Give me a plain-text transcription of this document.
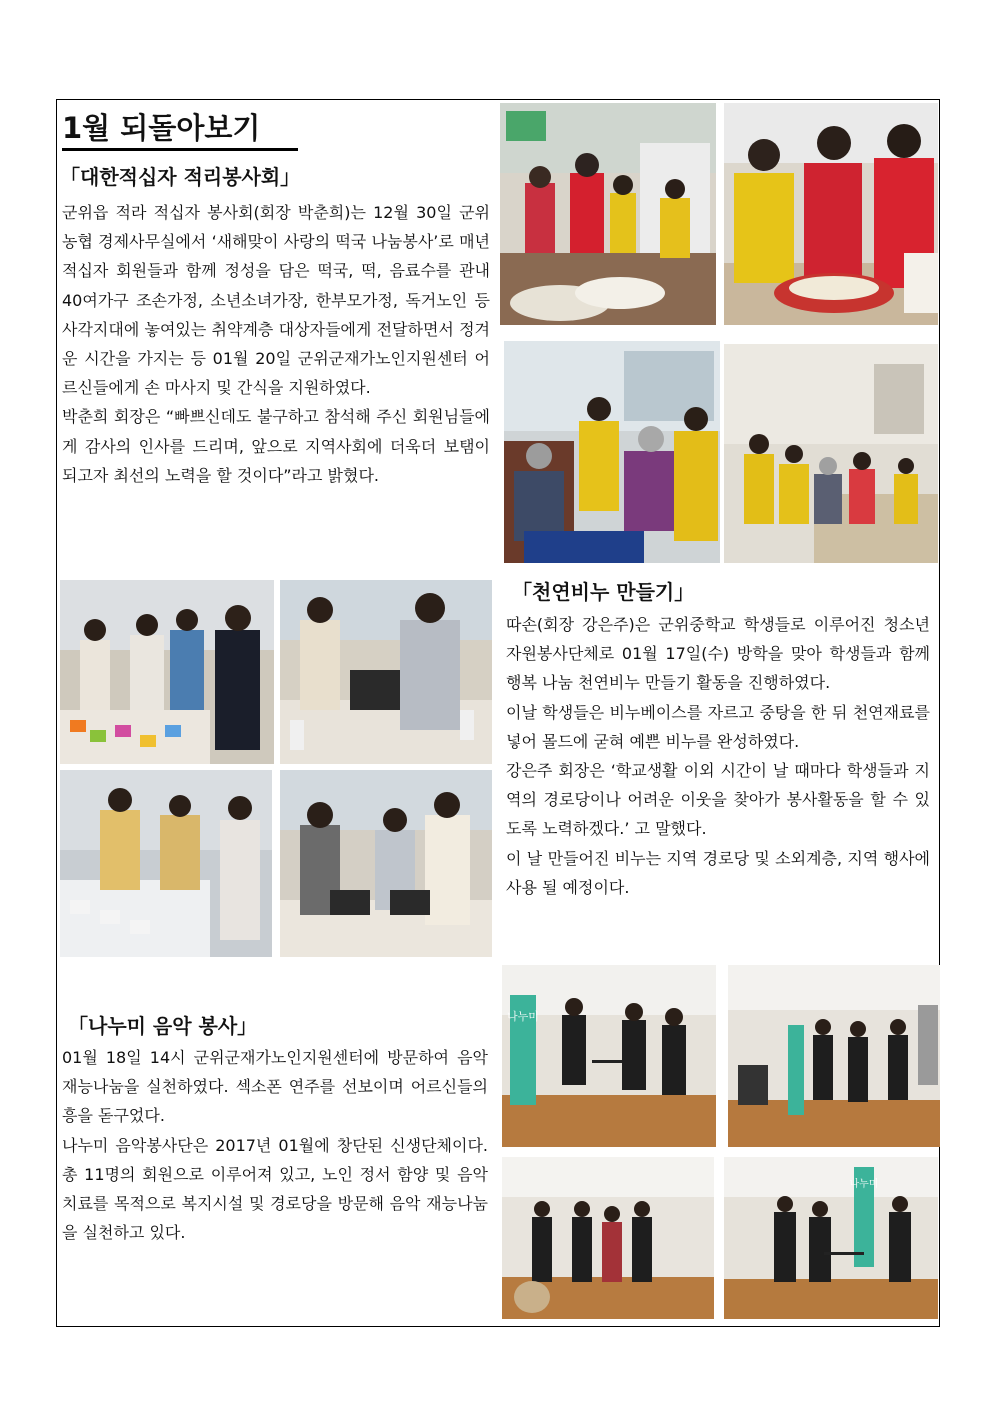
1월 되돌아보기
「대한적십자 적리봉사회」

군위읍 적라 적십자 봉사회(회장 박춘희)는 12월 30일 군위 농협 경제사무실에서 ‘새해맞이 사랑의 떡국 나눔봉사’로 매년 적십자 회원들과 함께 정성을 담은 떡국, 떡, 음료수를 관내 40여가구 조손가정, 소년소녀가장, 한부모가정, 독거노인 등 사각지대에 놓여있는 취약계층 대상자들에게 전달하면서 정겨운 시간을 가지는 등 01월 20일 군위군재가노인지원센터 어르신들에게 손 마사지 및 간식을 지원하였다.

박춘희 회장은 “빠쁘신데도 불구하고 참석해 주신 회원님들에게 감사의 인사를 드리며, 앞으로 지역사회에 더욱더 보탬이 되고자 최선의 노력을 할 것이다”라고 밝혔다.

「천연비누 만들기」

따손(회장 강은주)은 군위중학교 학생들로 이루어진 청소년 자원봉사단체로 01월 17일(수) 방학을 맞아 학생들과 함께 행복 나눔 천연비누 만들기 활동을 진행하였다.

이날 학생들은 비누베이스를 자르고 중탕을 한 뒤 천연재료를 넣어 몰드에 굳혀 예쁜 비누를 완성하였다.

강은주 회장은 ‘학교생활 이외 시간이 날 때마다 학생들과 지역의 경로당이나 어려운 이웃을 찾아가 봉사활동을 할 수 있도록 노력하겠다.’ 고 말했다.

이 날 만들어진 비누는 지역 경로당 및 소외계층, 지역 행사에 사용 될 예정이다.

「나누미 음악 봉사」

01월 18일 14시 군위군재가노인지원센터에 방문하여 음악재능나눔을 실천하였다. 섹소폰 연주를 선보이며 어르신들의 흥을 돋구었다.

나누미 음악봉사단은 2017년 01월에 창단된 신생단체이다. 총 11명의 회원으로 이루어져 있고, 노인 정서 함양 및 음악치료를 목적으로 복지시설 및 경로당을 방문해 음악 재능나눔을 실천하고 있다.

나누미
나누미
